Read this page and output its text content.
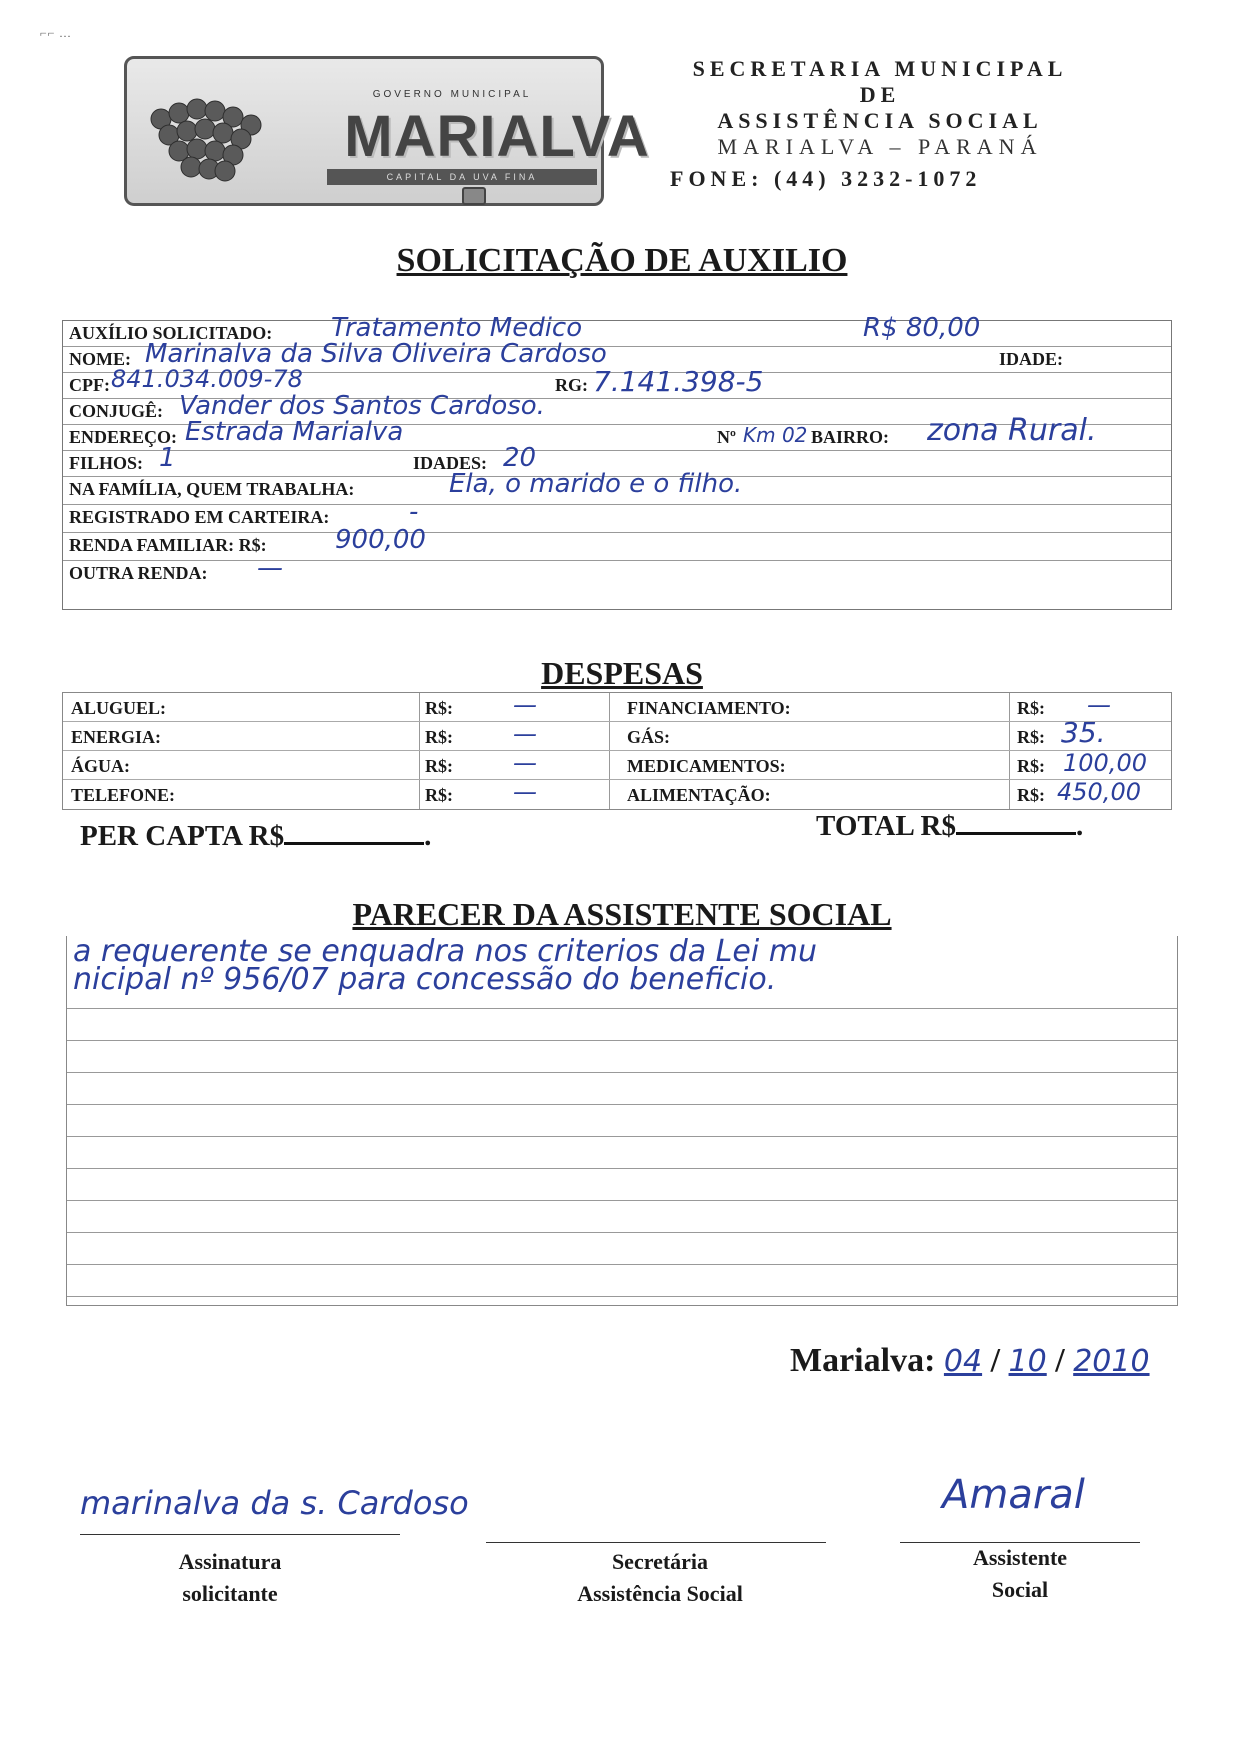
⌐⌐ ...
GOVERNO MUNICIPAL
MARIALVA
CAPITAL DA UVA FINA
SECRETARIA MUNICIPAL
DE
ASSISTÊNCIA SOCIAL
MARIALVA – PARANÁ
FONE: (44) 3232-1072
SOLICITAÇÃO DE AUXILIO
AUXÍLIO SOLICITADO: Tratamento Medico	R$ 80,00
NOME: Marinalva da Silva Oliveira Cardoso	IDADE:
CPF: 841.034.009-78	RG: 7.141.398-5
CONJUGÊ: Vander dos Santos Cardoso.
ENDEREÇO: Estrada Marialva	Nº Km 02 BAIRRO: zona Rural.
FILHOS: 1	IDADES: 20
NA FAMÍLIA, QUEM TRABALHA:	Ela, o marido e o filho.
REGISTRADO EM CARTEIRA:	-
RENDA FAMILIAR: R$:	900,00
OUTRA RENDA: —
DESPESAS
ALUGUEL:	R$:	—	FINANCIAMENTO:	R$: —
ENERGIA:	R$:	—	GÁS:	R$: 35.
ÁGUA:	R$:	—	MEDICAMENTOS:	R$: 100,00
TELEFONE:	R$:	—	ALIMENTAÇÃO:	R$: 450,00
PER CAPTA R$	.	TOTAL R$	.
PARECER DA ASSISTENTE SOCIAL
a requerente se enquadra nos criterios da Lei mu
nicipal nº 956/07 para concessão do beneficio.
Marialva: 04 / 10 / 2010
marinalva da s. Cardoso
Assinatura
solicitante
Secretária
Assistência Social
Amaral
Assistente
Social
